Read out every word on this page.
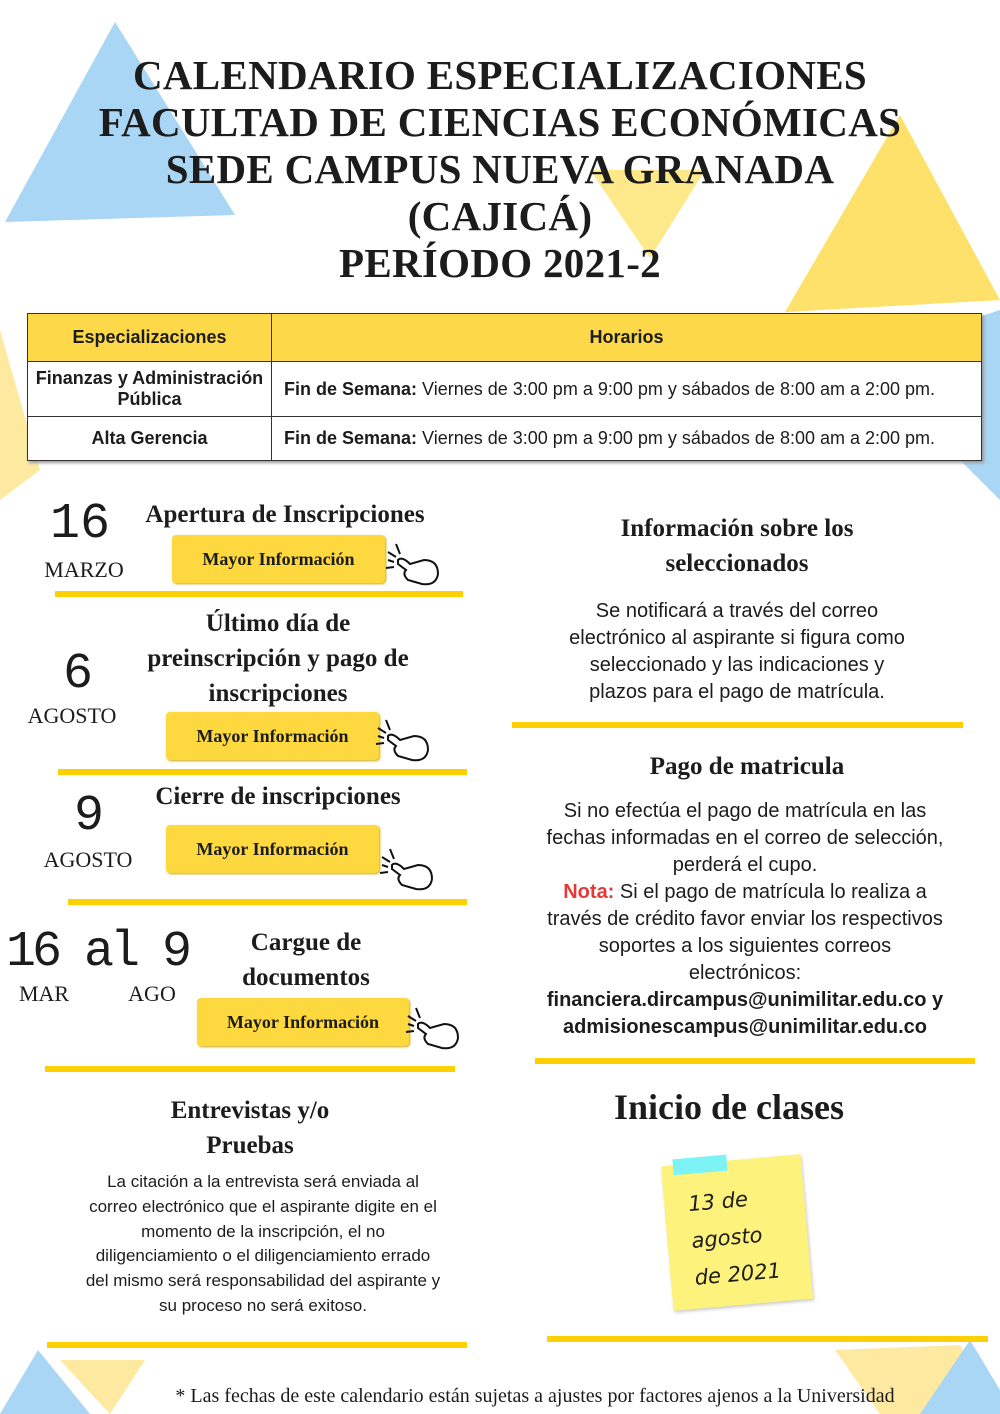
CALENDARIO ESPECIALIZACIONES
FACULTAD DE CIENCIAS ECONÓMICAS
SEDE CAMPUS NUEVA GRANADA
(CAJICÁ)
PERÍODO 2021-2
Especializaciones	Horarios
Finanzas y Administración Pública	Fin de Semana: Viernes de 3:00 pm a 9:00 pm y sábados de 8:00 am a 2:00 pm.
Alta Gerencia	Fin de Semana: Viernes de 3:00 pm a 9:00 pm y sábados de 8:00 am a 2:00 pm.
16
MARZO
Apertura de Inscripciones
Mayor Información
6
AGOSTO
Último día de
preinscripción y pago de
inscripciones
Mayor Información
9
AGOSTO
Cierre de inscripciones
Mayor Información
16 al 9
MAR	AGO
Cargue de
documentos
Mayor Información
Entrevistas y/o
Pruebas
La citación a la entrevista será enviada al
correo electrónico que el aspirante digite en el
momento de la inscripción, el no
diligenciamiento o el diligenciamiento errado
del mismo será responsabilidad del aspirante y
su proceso no será exitoso.
Información sobre los
seleccionados
Se notificará a través del correo
electrónico al aspirante si figura como
seleccionado y las indicaciones y
plazos para el pago de matrícula.
Pago de matricula
Si no efectúa el pago de matrícula en las
fechas informadas en el correo de selección,
perderá el cupo.
Nota: Si el pago de matrícula lo realiza a
través de crédito favor enviar los respectivos
soportes a los siguientes correos
electrónicos:
financiera.dircampus@unimilitar.edu.co y
admisionescampus@unimilitar.edu.co
Inicio de clases
13 de
agosto
de 2021
* Las fechas de este calendario están sujetas a ajustes por factores ajenos a la Universidad
